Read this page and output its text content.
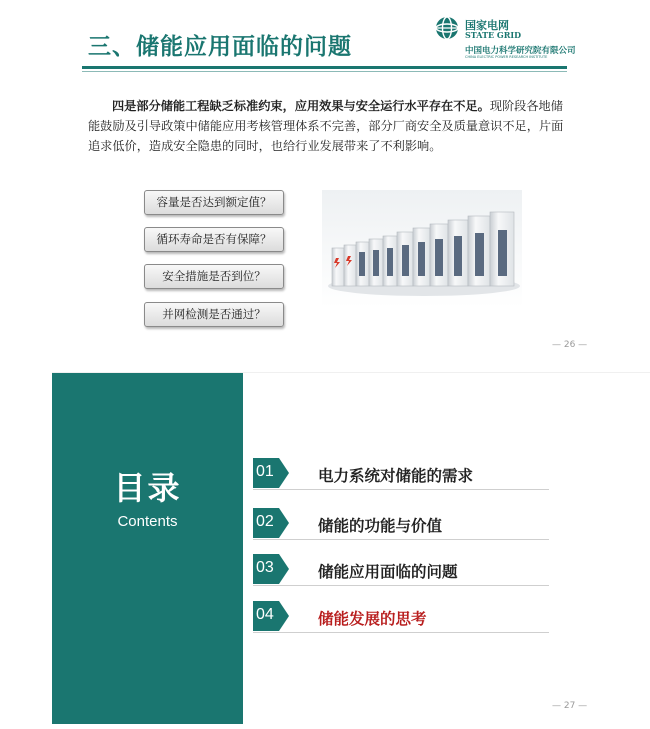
三、储能应用面临的问题
国家电网
STATE GRID
中国电力科学研究院有限公司
CHINA ELECTRIC POWER RESEARCH INSTITUTE

四是部分储能工程缺乏标准约束，应用效果与安全运行水平存在不足。现阶段各地储能鼓励及引导政策中储能应用考核管理体系不完善，部分厂商安全及质量意识不足，片面追求低价，造成安全隐患的同时，也给行业发展带来了不利影响。

容量是否达到额定值？
循环寿命是否有保障？
安全措施是否到位？
并网检测是否通过？
— 26 —
目录
Contents
01	电力系统对储能的需求
02	储能的功能与价值
03	储能应用面临的问题
04	储能发展的思考
— 27 —
